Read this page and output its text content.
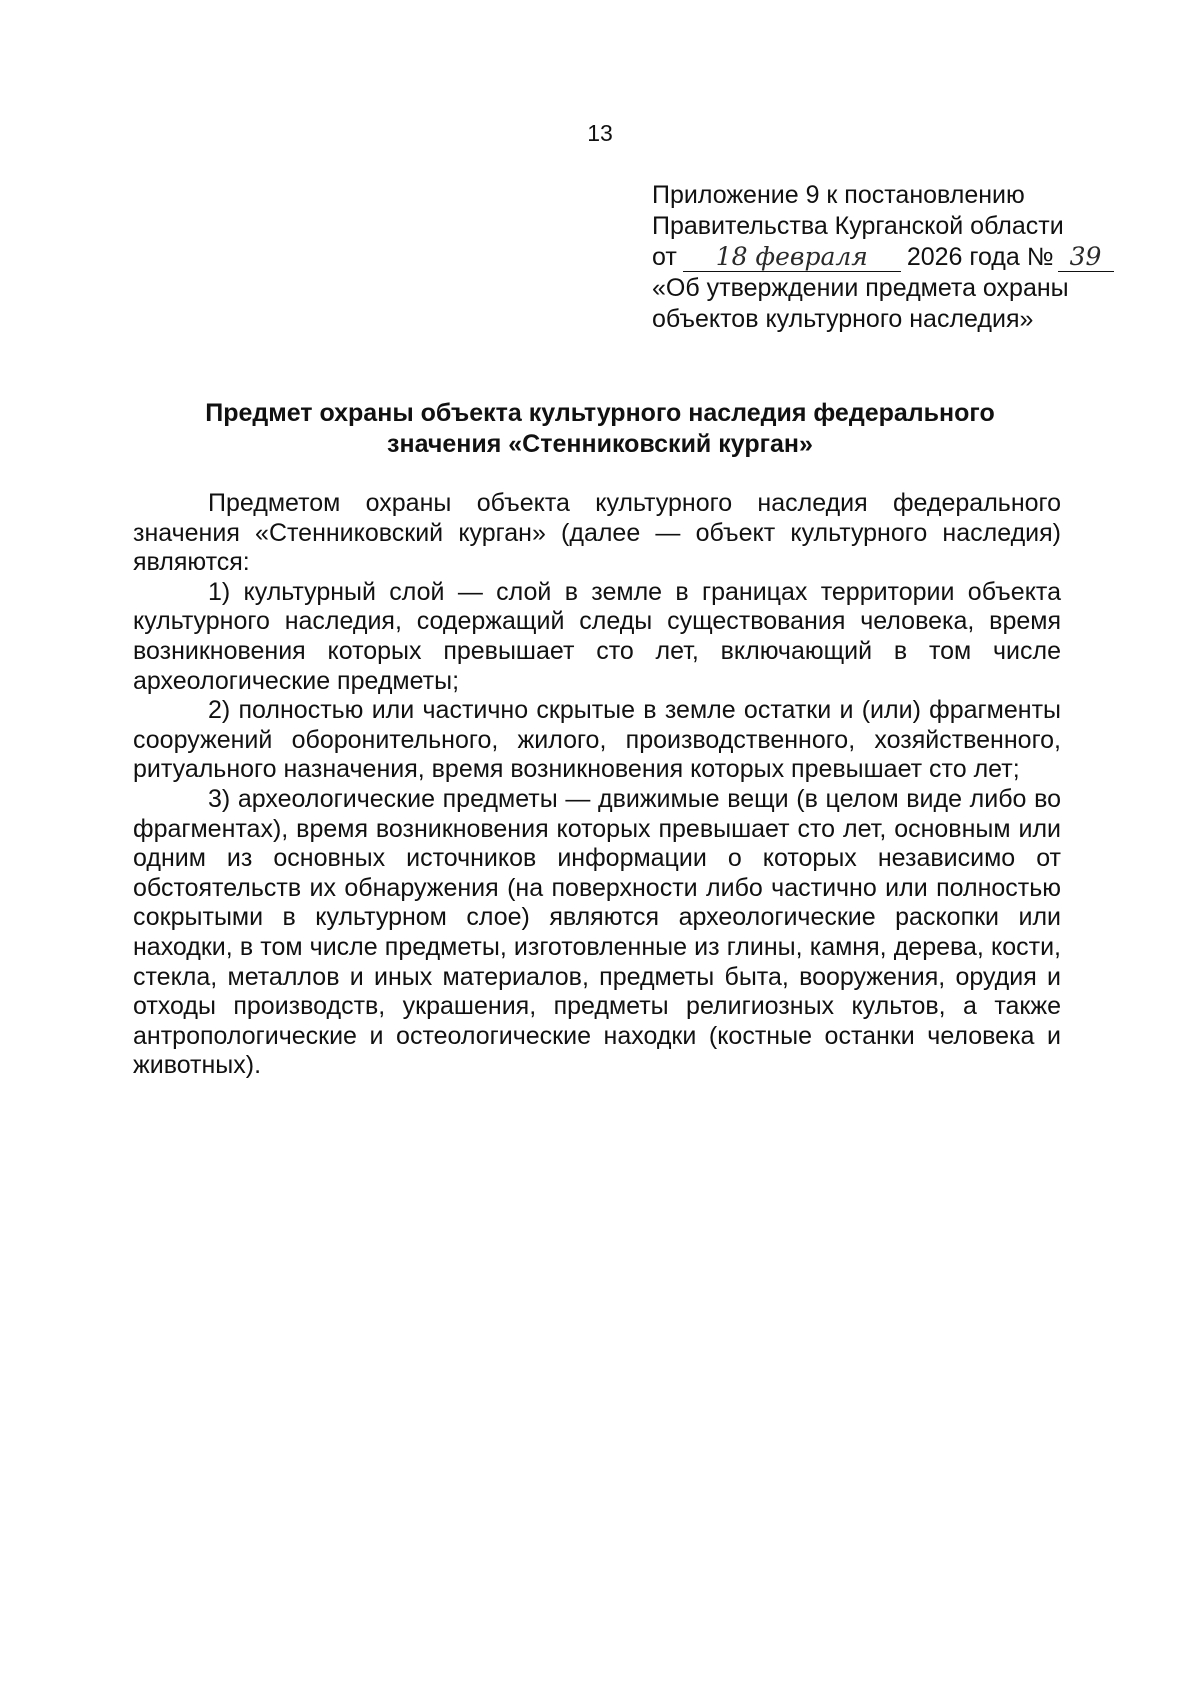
13
Приложение 9 к постановлению
Правительства Курганской области
от 18 февраля 2026 года № 39
«Об утверждении предмета охраны
объектов культурного наследия»
Предмет охраны объекта культурного наследия федерального
значения «Стенниковский курган»

Предметом охраны объекта культурного наследия федерального значения «Стенниковский курган» (далее — объект культурного наследия) являются:

1) культурный слой — слой в земле в границах территории объекта культурного наследия, содержащий следы существования человека, время возникновения которых превышает сто лет, включающий в том числе археологические предметы;

2) полностью или частично скрытые в земле остатки и (или) фрагменты сооружений оборонительного, жилого, производственного, хозяйственного, ритуального назначения, время возникновения которых превышает сто лет;

3) археологические предметы — движимые вещи (в целом виде либо во фрагментах), время возникновения которых превышает сто лет, основным или одним из основных источников информации о которых независимо от обстоятельств их обнаружения (на поверхности либо частично или полностью сокрытыми в культурном слое) являются археологические раскопки или находки, в том числе предметы, изготовленные из глины, камня, дерева, кости, стекла, металлов и иных материалов, предметы быта, вооружения, орудия и отходы производств, украшения, предметы религиозных культов, а также антропологические и остеологические находки (костные останки человека и животных).
